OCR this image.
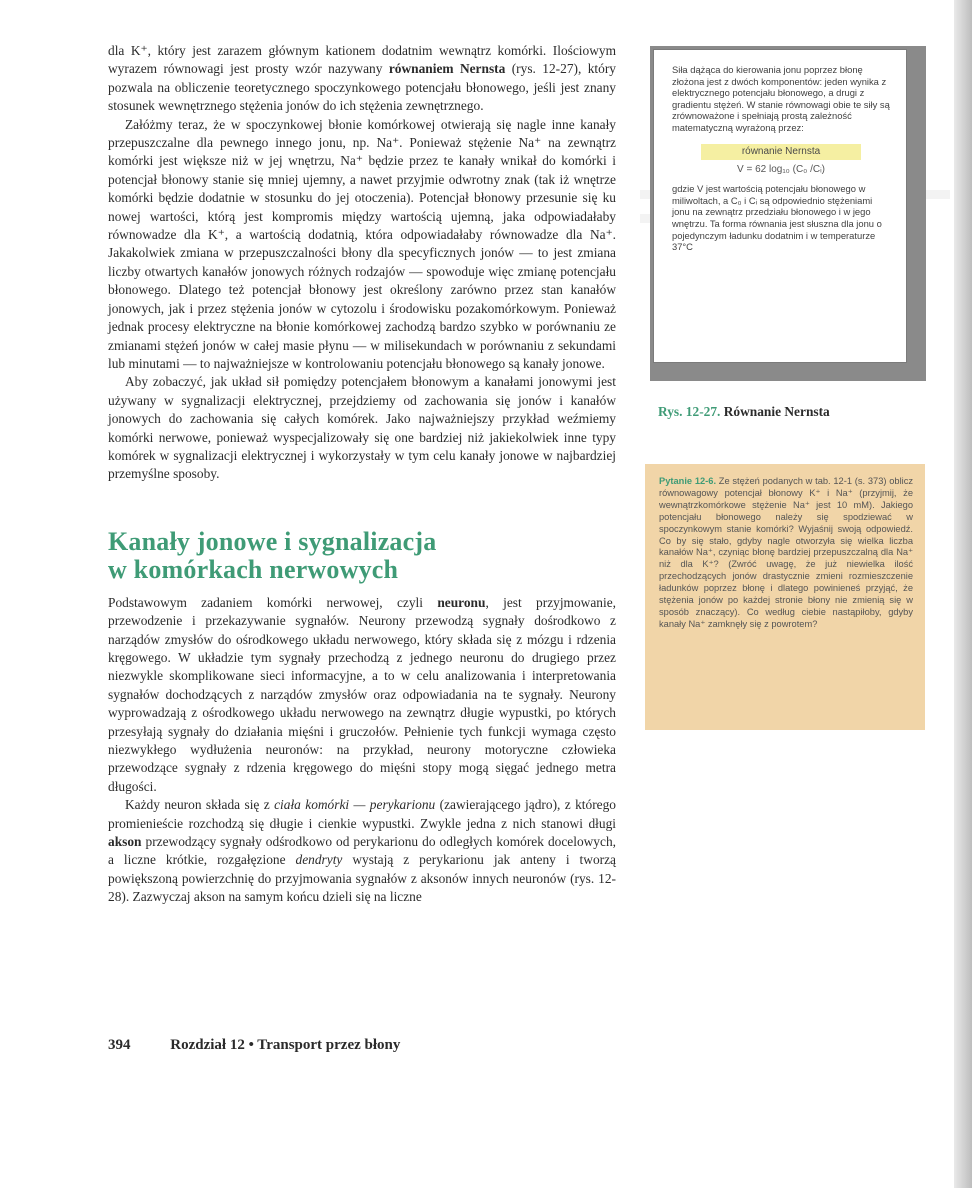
dla K⁺, który jest zarazem głównym kationem dodatnim wewnątrz komórki. Ilościowym wyrazem równowagi jest prosty wzór nazywany równaniem Nernsta (rys. 12-27), który pozwala na obliczenie teoretycznego spoczynkowego potencjału błonowego, jeśli jest znany stosunek wewnętrznego stężenia jonów do ich stężenia zewnętrznego.

Załóżmy teraz, że w spoczynkowej błonie komórkowej otwierają się nagle inne kanały przepuszczalne dla pewnego innego jonu, np. Na⁺. Ponieważ stężenie Na⁺ na zewnątrz komórki jest większe niż w jej wnętrzu, Na⁺ będzie przez te kanały wnikał do komórki i potencjał błonowy stanie się mniej ujemny, a nawet przyjmie odwrotny znak (tak iż wnętrze komórki będzie dodatnie w stosunku do jej otoczenia). Potencjał błonowy przesunie się ku nowej wartości, którą jest kompromis między wartością ujemną, jaka odpowiadałaby równowadze dla K⁺, a wartością dodatnią, która odpowiadałaby równowadze dla Na⁺. Jakakolwiek zmiana w przepuszczalności błony dla specyficznych jonów — to jest zmiana liczby otwartych kanałów jonowych różnych rodzajów — spowoduje więc zmianę potencjału błonowego. Dlatego też potencjał błonowy jest określony zarówno przez stan kanałów jonowych, jak i przez stężenia jonów w cytozolu i środowisku pozakomórkowym. Ponieważ jednak procesy elektryczne na błonie komórkowej zachodzą bardzo szybko w porównaniu ze zmianami stężeń jonów w całej masie płynu — w milisekundach w porównaniu z sekundami lub minutami — to najważniejsze w kontrolowaniu potencjału błonowego są kanały jonowe.

Aby zobaczyć, jak układ sił pomiędzy potencjałem błonowym a kanałami jonowymi jest używany w sygnalizacji elektrycznej, przejdziemy od zachowania się jonów i kanałów jonowych do zachowania się całych komórek. Jako najważniejszy przykład weźmiemy komórki nerwowe, ponieważ wyspecjalizowały się one bardziej niż jakiekolwiek inne typy komórek w sygnalizacji elektrycznej i wykorzystały w tym celu kanały jonowe w najbardziej przemyślne sposoby.

Kanały jonowe i sygnalizacja
w komórkach nerwowych

Podstawowym zadaniem komórki nerwowej, czyli neuronu, jest przyjmowanie, przewodzenie i przekazywanie sygnałów. Neurony przewodzą sygnały dośrodkowo z narządów zmysłów do ośrodkowego układu nerwowego, który składa się z mózgu i rdzenia kręgowego. W układzie tym sygnały przechodzą z jednego neuronu do drugiego przez niezwykle skomplikowane sieci informacyjne, a to w celu analizowania i interpretowania sygnałów dochodzących z narządów zmysłów oraz odpowiadania na te sygnały. Neurony wyprowadzają z ośrodkowego układu nerwowego na zewnątrz długie wypustki, po których przesyłają sygnały do działania mięśni i gruczołów. Pełnienie tych funkcji wymaga często niezwykłego wydłużenia neuronów: na przykład, neurony motoryczne człowieka przewodzące sygnały z rdzenia kręgowego do mięśni stopy mogą sięgać jednego metra długości.

Każdy neuron składa się z ciała komórki — perykarionu (zawierającego jądro), z którego promienieście rozchodzą się długie i cienkie wypustki. Zwykle jedna z nich stanowi długi akson przewodzący sygnały odśrodkowo od perykarionu do odległych komórek docelowych, a liczne krótkie, rozgałęzione dendryty wystają z perykarionu jak anteny i tworzą powiększoną powierzchnię do przyjmowania sygnałów z aksonów innych neuronów (rys. 12-28). Zazwyczaj akson na samym końcu dzieli się na liczne

Siła dążąca do kierowania jonu poprzez błonę złożona jest z dwóch komponentów: jeden wynika z elektrycznego potencjału błonowego, a drugi z gradientu stężeń. W stanie równowagi obie te siły są zrównoważone i spełniają prostą zależność matematyczną wyrażoną przez:

równanie Nernsta
V = 62 log₁₀ (C₀ /Cᵢ)

gdzie V jest wartością potencjału błonowego w miliwoltach, a C₀ i Cᵢ są odpowiednio stężeniami jonu na zewnątrz przedziału błonowego i w jego wnętrzu. Ta forma równania jest słuszna dla jonu o pojedynczym ładunku dodatnim i w temperaturze 37°C

Rys. 12-27. Równanie Nernsta
Pytanie 12-6. Ze stężeń podanych w tab. 12-1 (s. 373) oblicz równowagowy potencjał błonowy K⁺ i Na⁺ (przyjmij, że wewnątrzkomórkowe stężenie Na⁺ jest 10 mM). Jakiego potencjału błonowego należy się spodziewać w spoczynkowym stanie komórki? Wyjaśnij swoją odpowiedź. Co by się stało, gdyby nagle otworzyła się wielka liczba kanałów Na⁺, czyniąc błonę bardziej przepuszczalną dla Na⁺ niż dla K⁺? (Zwróć uwagę, że już niewielka ilość przechodzących jonów drastycznie zmieni rozmieszczenie ładunków poprzez błonę i dlatego powinieneś przyjąć, że stężenia jonów po każdej stronie błony nie zmienią się w sposób znaczący). Co według ciebie nastąpiłoby, gdyby kanały Na⁺ zamknęły się z powrotem?
394	Rozdział 12 • Transport przez błony
